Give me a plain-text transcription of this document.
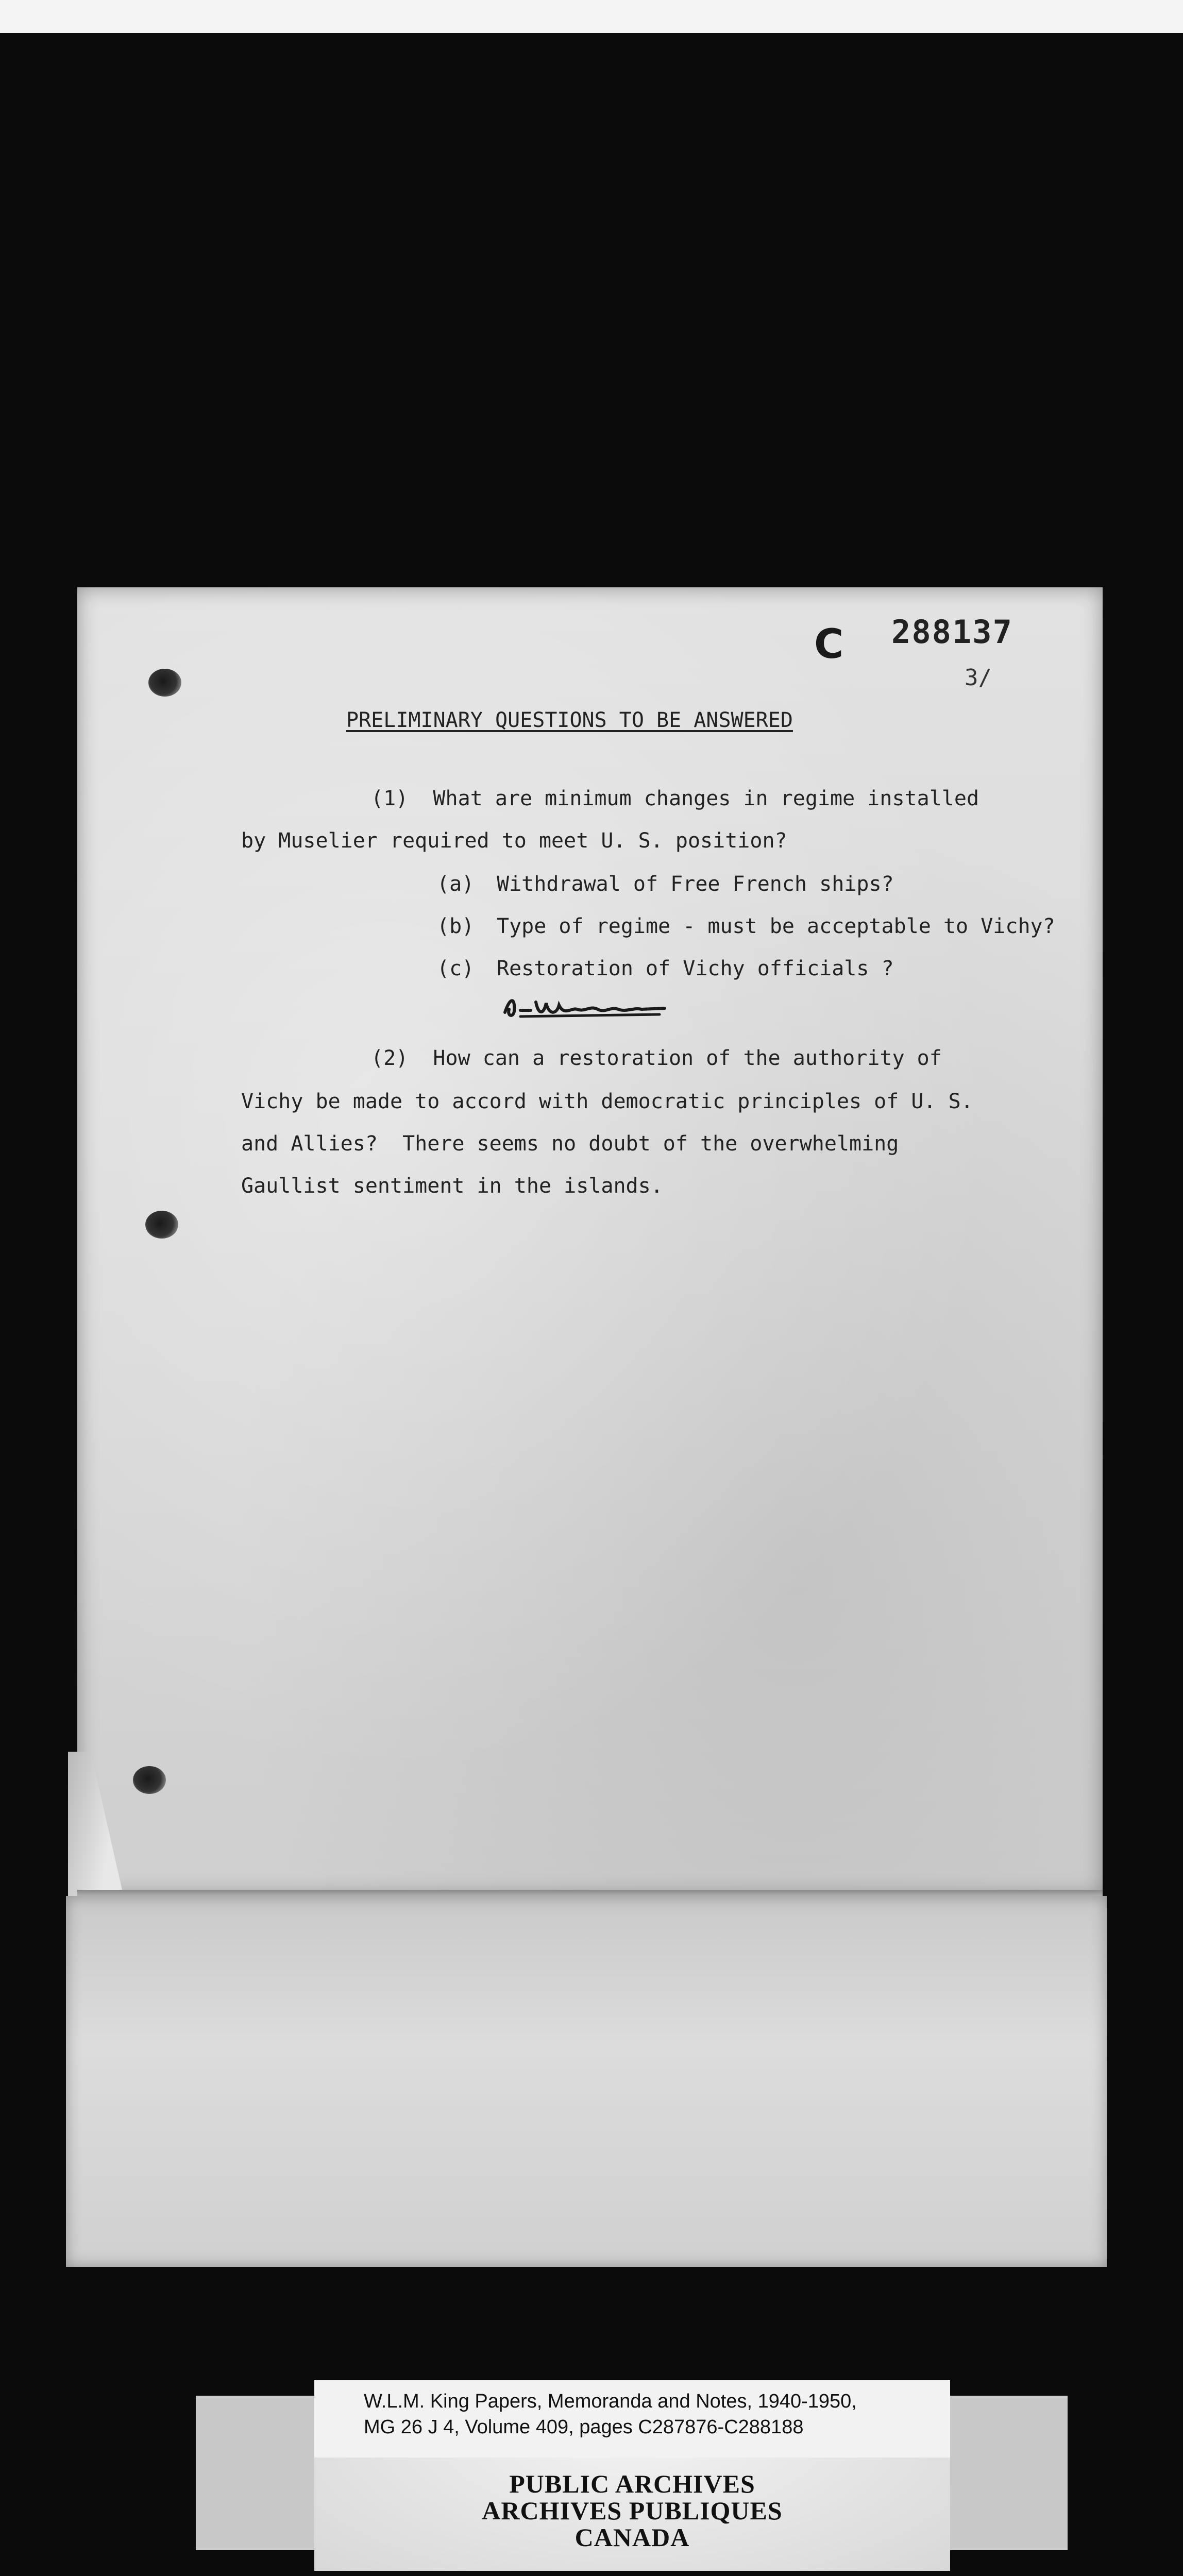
C 288137
3/
PRELIMINARY QUESTIONS TO BE ANSWERED
(1)  What are minimum changes in regime installed
by Muselier required to meet U. S. position?
(a) Withdrawal of Free French ships?
(b) Type of regime - must be acceptable to Vichy?
(c) Restoration of Vichy officials ?
(2)  How can a restoration of the authority of
Vichy be made to accord with democratic principles of U. S.
and Allies?  There seems no doubt of the overwhelming
Gaullist sentiment in the islands.
W.L.M. King Papers, Memoranda and Notes, 1940-1950,
MG 26 J 4, Volume 409, pages C287876-C288188
PUBLIC ARCHIVES
ARCHIVES PUBLIQUES
CANADA
